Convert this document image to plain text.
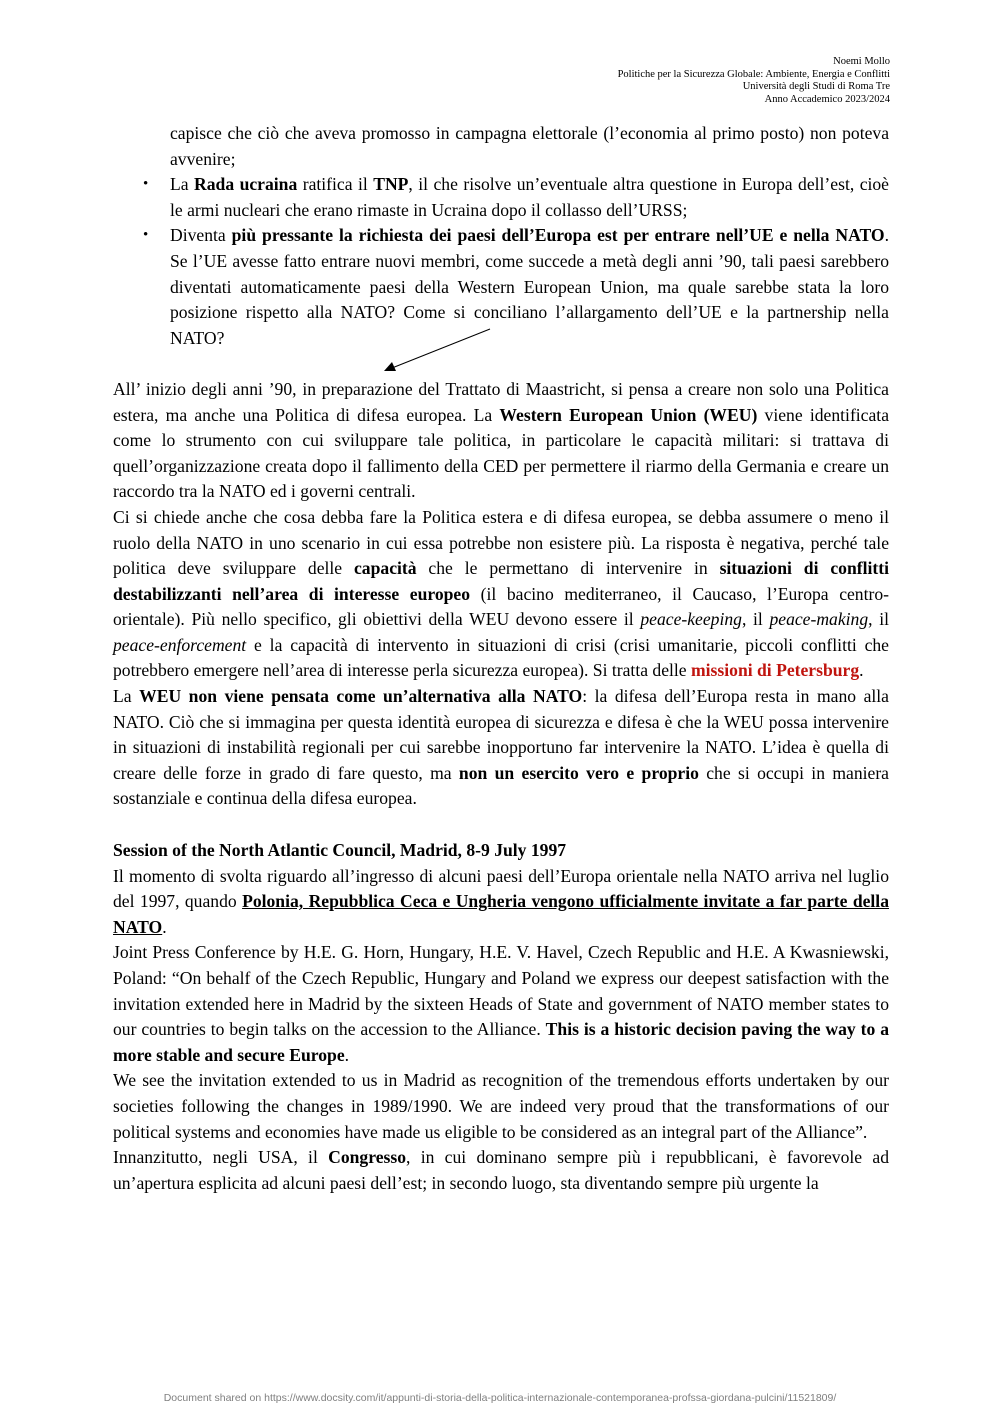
Noemi Mollo
Politiche per la Sicurezza Globale: Ambiente, Energia e Conflitti
Università degli Studi di Roma Tre
Anno Accademico 2023/2024

capisce che ciò che aveva promosso in campagna elettorale (l’economia al primo posto) non poteva avvenire;

• La Rada ucraina ratifica il TNP, il che risolve un’eventuale altra questione in Europa dell’est, cioè le armi nucleari che erano rimaste in Ucraina dopo il collasso dell’URSS;
• Diventa più pressante la richiesta dei paesi dell’Europa est per entrare nell’UE e nella NATO. Se l’UE avesse fatto entrare nuovi membri, come succede a metà degli anni ’90, tali paesi sarebbero diventati automaticamente paesi della Western European Union, ma quale sarebbe stata la loro posizione rispetto alla NATO? Come si conciliano l’allargamento dell’UE e la partnership nella NATO?

All’ inizio degli anni ’90, in preparazione del Trattato di Maastricht, si pensa a creare non solo una Politica estera, ma anche una Politica di difesa europea. La Western European Union (WEU) viene identificata come lo strumento con cui sviluppare tale politica, in particolare le capacità militari: si trattava di quell’organizzazione creata dopo il fallimento della CED per permettere il riarmo della Germania e creare un raccordo tra la NATO ed i governi centrali.

Ci si chiede anche che cosa debba fare la Politica estera e di difesa europea, se debba assumere o meno il ruolo della NATO in uno scenario in cui essa potrebbe non esistere più. La risposta è negativa, perché tale politica deve sviluppare delle capacità che le permettano di intervenire in situazioni di conflitti destabilizzanti nell’area di interesse europeo (il bacino mediterraneo, il Caucaso, l’Europa centro-orientale). Più nello specifico, gli obiettivi della WEU devono essere il peace-keeping, il peace-making, il peace-enforcement e la capacità di intervento in situazioni di crisi (crisi umanitarie, piccoli conflitti che potrebbero emergere nell’area di interesse perla sicurezza europea). Si tratta delle missioni di Petersburg.

La WEU non viene pensata come un’alternativa alla NATO: la difesa dell’Europa resta in mano alla NATO. Ciò che si immagina per questa identità europea di sicurezza e difesa è che la WEU possa intervenire in situazioni di instabilità regionali per cui sarebbe inopportuno far intervenire la NATO. L’idea è quella di creare delle forze in grado di fare questo, ma non un esercito vero e proprio che si occupi in maniera sostanziale e continua della difesa europea.

Session of the North Atlantic Council, Madrid, 8-9 July 1997

Il momento di svolta riguardo all’ingresso di alcuni paesi dell’Europa orientale nella NATO arriva nel luglio del 1997, quando Polonia, Repubblica Ceca e Ungheria vengono ufficialmente invitate a far parte della NATO.

Joint Press Conference by H.E. G. Horn, Hungary, H.E. V. Havel, Czech Republic and H.E. A Kwasniewski, Poland: “On behalf of the Czech Republic, Hungary and Poland we express our deepest satisfaction with the invitation extended here in Madrid by the sixteen Heads of State and government of NATO member states to our countries to begin talks on the accession to the Alliance. This is a historic decision paving the way to a more stable and secure Europe.

We see the invitation extended to us in Madrid as recognition of the tremendous efforts undertaken by our societies following the changes in 1989/1990. We are indeed very proud that the transformations of our political systems and economies have made us eligible to be considered as an integral part of the Alliance”.

Innanzitutto, negli USA, il Congresso, in cui dominano sempre più i repubblicani, è favorevole ad un’apertura esplicita ad alcuni paesi dell’est; in secondo luogo, sta diventando sempre più urgente la

Document shared on https://www.docsity.com/it/appunti-di-storia-della-politica-internazionale-contemporanea-profssa-giordana-pulcini/11521809/
